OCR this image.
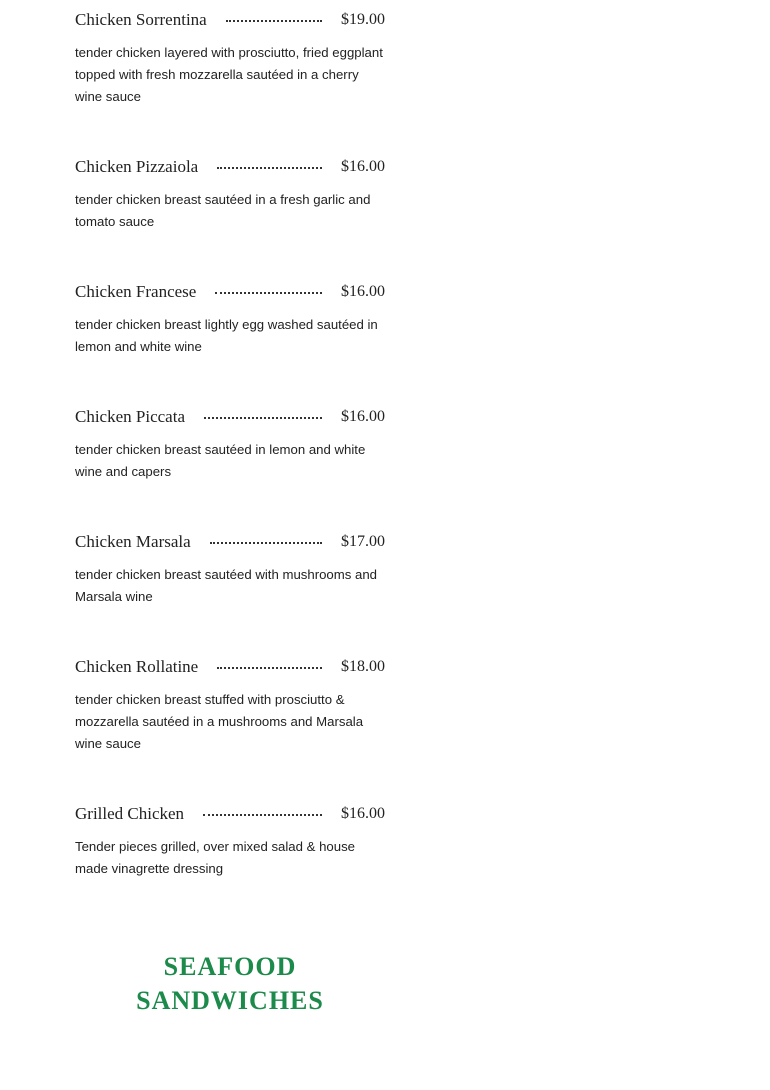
Chicken Sorrentina	$19.00
tender chicken layered with prosciutto, fried eggplant topped with fresh mozzarella sautéed in a cherry wine sauce
Chicken Pizzaiola	$16.00
tender chicken breast sautéed in a fresh garlic and tomato sauce
Chicken Francese	$16.00
tender chicken breast lightly egg washed sautéed in lemon and white wine
Chicken Piccata	$16.00
tender chicken breast sautéed in lemon and white wine and capers
Chicken Marsala	$17.00
tender chicken breast sautéed with mushrooms and Marsala wine
Chicken Rollatine	$18.00
tender chicken breast stuffed with prosciutto & mozzarella sautéed in a mushrooms and Marsala wine sauce
Grilled Chicken	$16.00
Tender pieces grilled, over mixed salad & house made vinagrette dressing
SEAFOOD
SANDWICHES
